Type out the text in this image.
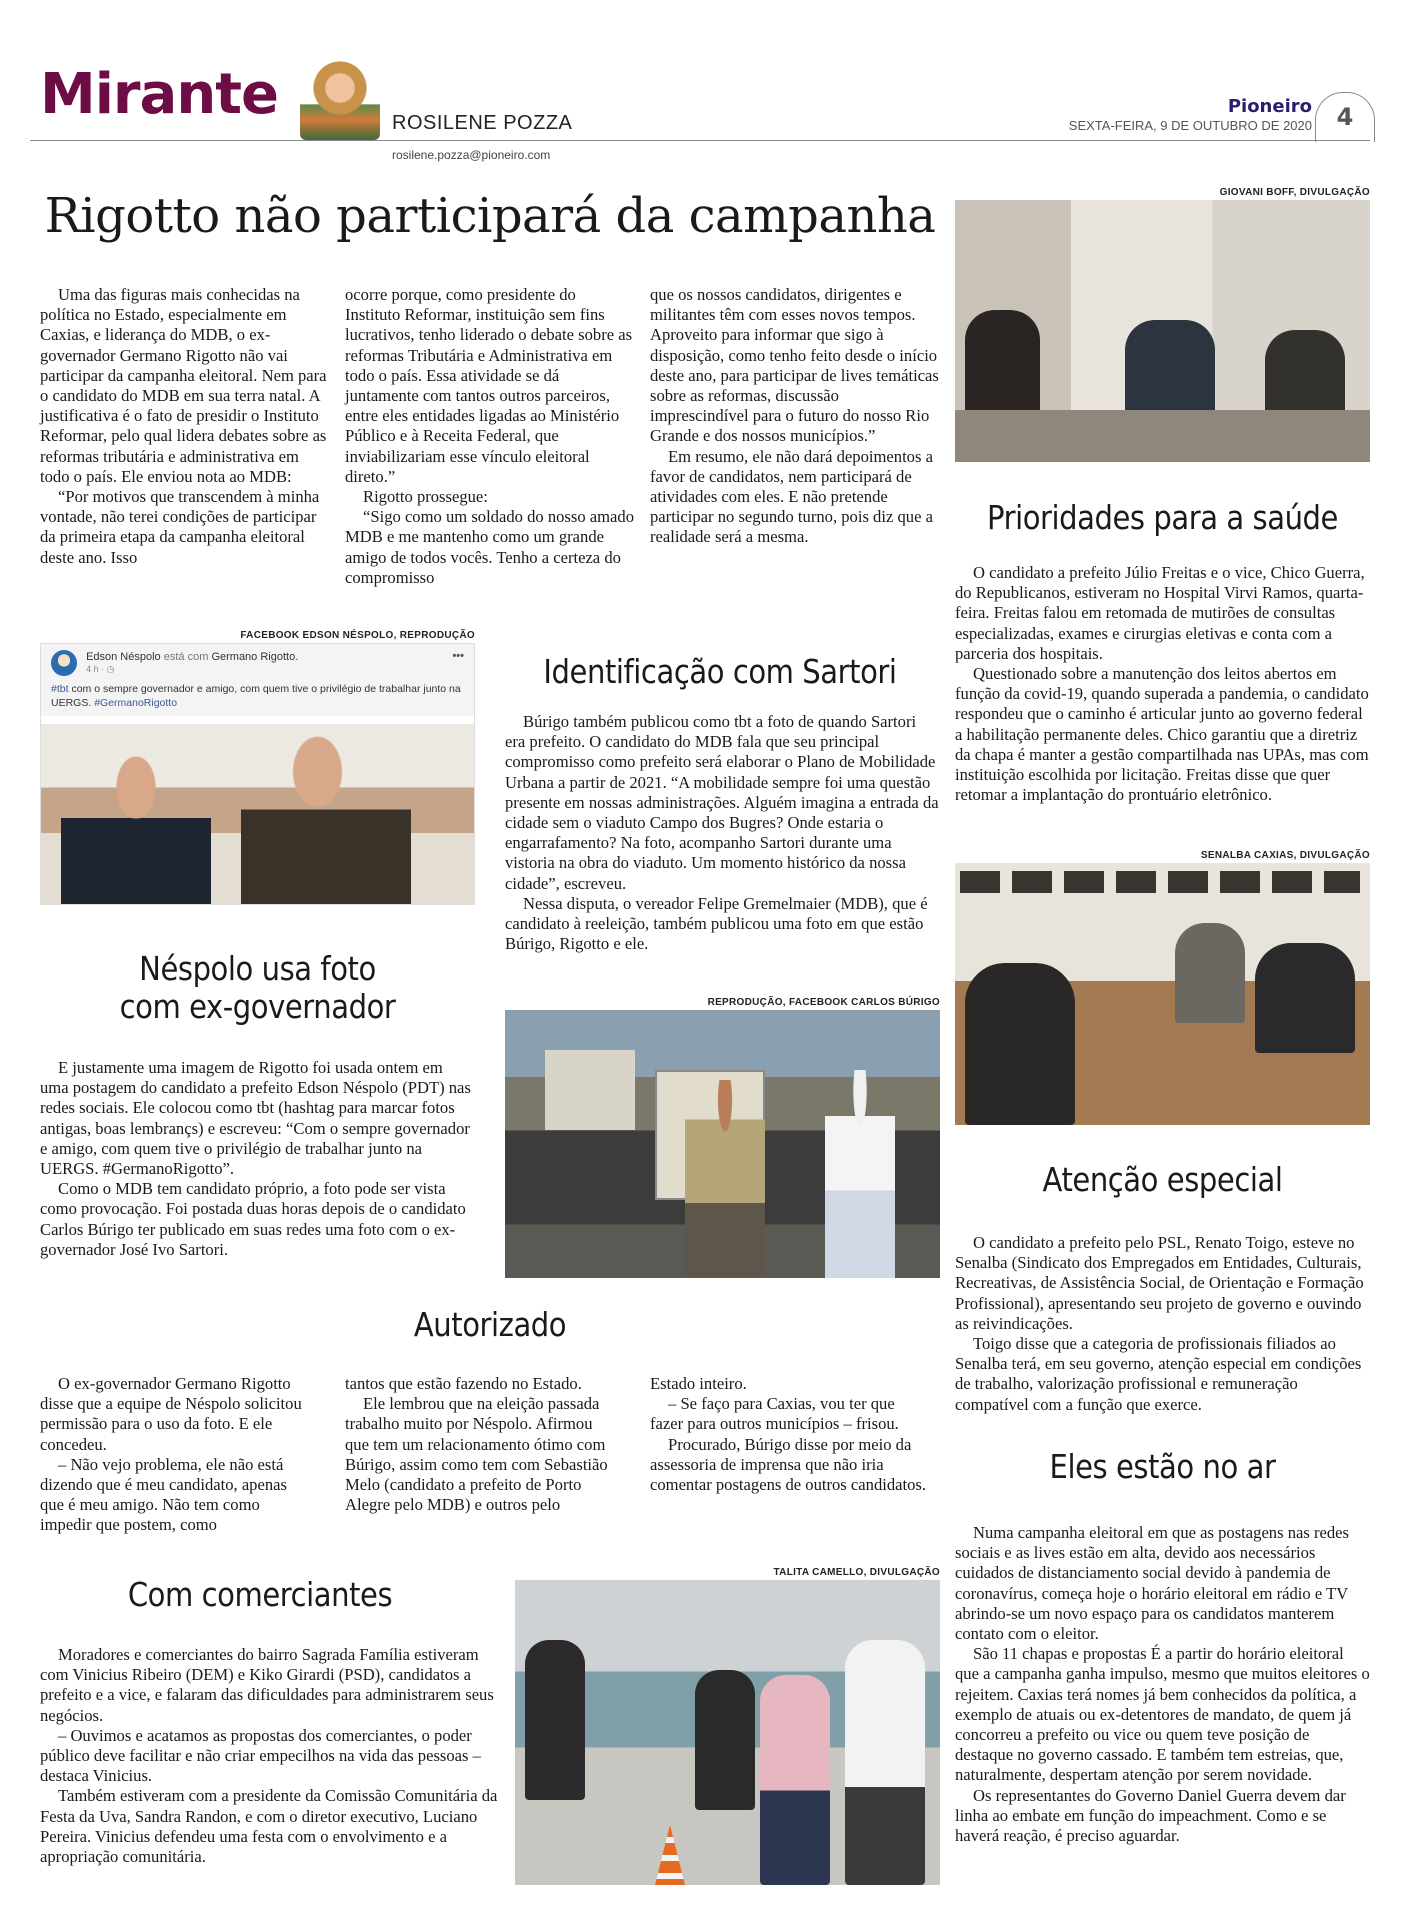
Mirante	ROSILENE POZZA
rosilene.pozza@pioneiro.com
Pioneiro
SEXTA-FEIRA, 9 DE OUTUBRO DE 2020	4
Rigotto não participará da campanha

Uma das figuras mais conhecidas na política no Estado, especialmente em Caxias, e liderança do MDB, o ex-governador Germano Rigotto não vai participar da campanha eleitoral. Nem para o candidato do MDB em sua terra natal. A justificativa é o fato de presidir o Instituto Reformar, pelo qual lidera debates sobre as reformas tributária e administrativa em todo o país. Ele enviou nota ao MDB:

“Por motivos que transcendem à minha vontade, não terei condições de participar da primeira etapa da campanha eleitoral deste ano. Isso

ocorre porque, como presidente do Instituto Reformar, instituição sem fins lucrativos, tenho liderado o debate sobre as reformas Tributária e Administrativa em todo o país. Essa atividade se dá juntamente com tantos outros parceiros, entre eles entidades ligadas ao Ministério Público e à Receita Federal, que inviabilizariam esse vínculo eleitoral direto.”

Rigotto prossegue:

“Sigo como um soldado do nosso amado MDB e me mantenho como um grande amigo de todos vocês. Tenho a certeza do compromisso

que os nossos candidatos, dirigentes e militantes têm com esses novos tempos. Aproveito para informar que sigo à disposição, como tenho feito desde o início deste ano, para participar de lives temáticas sobre as reformas, discussão imprescindível para o futuro do nosso Rio Grande e dos nossos municípios.”

Em resumo, ele não dará depoimentos a favor de candidatos, nem participará de atividades com eles. E não pretende participar no segundo turno, pois diz que a realidade será a mesma.

GIOVANI BOFF, DIVULGAÇÃO
Prioridades para a saúde

O candidato a prefeito Júlio Freitas e o vice, Chico Guerra, do Republicanos, estiveram no Hospital Virvi Ramos, quarta-feira. Freitas falou em retomada de mutirões de consultas especializadas, exames e cirurgias eletivas e conta com a parceria dos hospitais.

Questionado sobre a manutenção dos leitos abertos em função da covid-19, quando superada a pandemia, o candidato respondeu que o caminho é articular junto ao governo federal a habilitação permanente deles. Chico garantiu que a diretriz da chapa é manter a gestão compartilhada nas UPAs, mas com instituição escolhida por licitação. Freitas disse que quer retomar a implantação do prontuário eletrônico.

FACEBOOK EDSON NÉSPOLO, REPRODUÇÃO
Edson Néspolo está com Germano Rigotto.
4 h · ◷
•••
#tbt com o sempre governador e amigo, com quem tive o privilégio de trabalhar junto na UERGS. #GermanoRigotto
Identificação com Sartori

Búrigo também publicou como tbt a foto de quando Sartori era prefeito. O candidato do MDB fala que seu principal compromisso como prefeito será elaborar o Plano de Mobilidade Urbana a partir de 2021. “A mobilidade sempre foi uma questão presente em nossas administrações. Alguém imagina a entrada da cidade sem o viaduto Campo dos Bugres? Onde estaria o engarrafamento? Na foto, acompanho Sartori durante uma vistoria na obra do viaduto. Um momento histórico da nossa cidade”, escreveu.

Nessa disputa, o vereador Felipe Gremelmaier (MDB), que é candidato à reeleição, também publicou uma foto em que estão Búrigo, Rigotto e ele.

Néspolo usa foto
com ex-governador

E justamente uma imagem de Rigotto foi usada ontem em uma postagem do candidato a prefeito Edson Néspolo (PDT) nas redes sociais. Ele colocou como tbt (hashtag para marcar fotos antigas, boas lembrançs) e escreveu: “Com o sempre governador e amigo, com quem tive o privilégio de trabalhar junto na UERGS. #GermanoRigotto”.

Como o MDB tem candidato próprio, a foto pode ser vista como provocação. Foi postada duas horas depois de o candidato Carlos Búrigo ter publicado em suas redes uma foto com o ex-governador José Ivo Sartori.

REPRODUÇÃO, FACEBOOK CARLOS BÚRIGO
SENALBA CAXIAS, DIVULGAÇÃO
Atenção especial

O candidato a prefeito pelo PSL, Renato Toigo, esteve no Senalba (Sindicato dos Empregados em Entidades, Culturais, Recreativas, de Assistência Social, de Orientação e Formação Profissional), apresentando seu projeto de governo e ouvindo as reivindicações.

Toigo disse que a categoria de profissionais filiados ao Senalba terá, em seu governo, atenção especial em condições de trabalho, valorização profissional e remuneração compatível com a função que exerce.

Autorizado

O ex-governador Germano Rigotto disse que a equipe de Néspolo solicitou permissão para o uso da foto. E ele concedeu.

– Não vejo problema, ele não está dizendo que é meu candidato, apenas que é meu amigo. Não tem como impedir que postem, como

tantos que estão fazendo no Estado.

Ele lembrou que na eleição passada trabalho muito por Néspolo. Afirmou que tem um relacionamento ótimo com Búrigo, assim como tem com Sebastião Melo (candidato a prefeito de Porto Alegre pelo MDB) e outros pelo

Estado inteiro.

– Se faço para Caxias, vou ter que fazer para outros municípios – frisou.

Procurado, Búrigo disse por meio da assessoria de imprensa que não iria comentar postagens de outros candidatos.

Com comerciantes

Moradores e comerciantes do bairro Sagrada Família estiveram com Vinicius Ribeiro (DEM) e Kiko Girardi (PSD), candidatos a prefeito e a vice, e falaram das dificuldades para administrarem seus negócios.

– Ouvimos e acatamos as propostas dos comerciantes, o poder público deve facilitar e não criar empecilhos na vida das pessoas – destaca Vinicius.

Também estiveram com a presidente da Comissão Comunitária da Festa da Uva, Sandra Randon, e com o diretor executivo, Luciano Pereira. Vinicius defendeu uma festa com o envolvimento e a apropriação comunitária.

TALITA CAMELLO, DIVULGAÇÃO
Eles estão no ar

Numa campanha eleitoral em que as postagens nas redes sociais e as lives estão em alta, devido aos necessários cuidados de distanciamento social devido à pandemia de coronavírus, começa hoje o horário eleitoral em rádio e TV abrindo-se um novo espaço para os candidatos manterem contato com o eleitor.

São 11 chapas e propostas É a partir do horário eleitoral que a campanha ganha impulso, mesmo que muitos eleitores o rejeitem. Caxias terá nomes já bem conhecidos da política, a exemplo de atuais ou ex-detentores de mandato, de quem já concorreu a prefeito ou vice ou quem teve posição de destaque no governo cassado. E também tem estreias, que, naturalmente, despertam atenção por serem novidade.

Os representantes do Governo Daniel Guerra devem dar linha ao embate em função do impeachment. Como e se haverá reação, é preciso aguardar.
